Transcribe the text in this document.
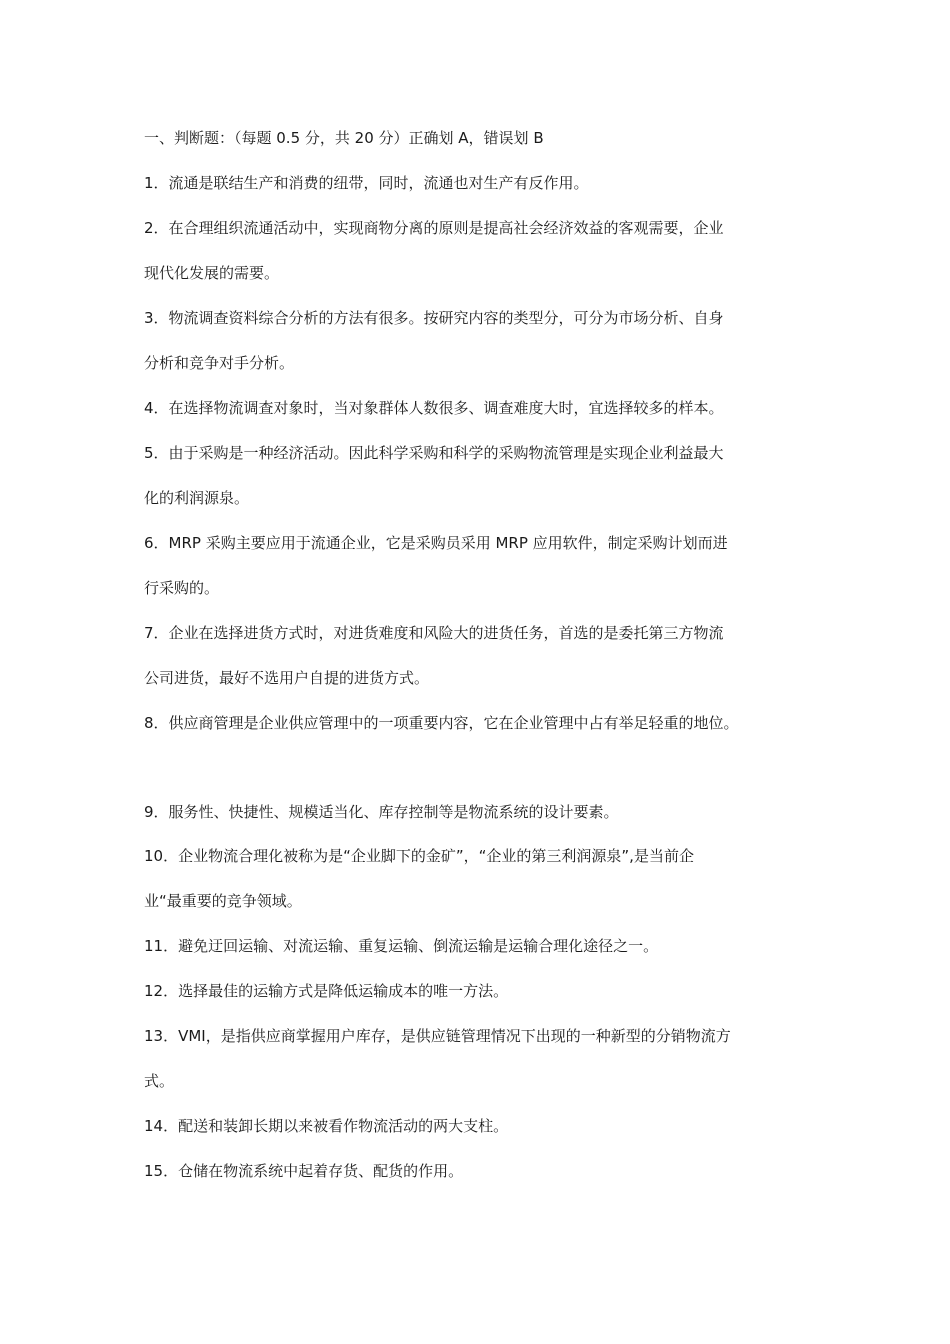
一、判断题：（每题 0.5 分，共 20 分）正确划 A，错误划 B
1．流通是联结生产和消费的纽带，同时，流通也对生产有反作用。
2．在合理组织流通活动中，实现商物分离的原则是提高社会经济效益的客观需要，企业
现代化发展的需要。
3．物流调查资料综合分析的方法有很多。按研究内容的类型分，可分为市场分析、自身
分析和竞争对手分析。
4．在选择物流调查对象时，当对象群体人数很多、调查难度大时，宜选择较多的样本。
5．由于采购是一种经济活动。因此科学采购和科学的采购物流管理是实现企业利益最大
化的利润源泉。
6．MRP 采购主要应用于流通企业，它是采购员采用 MRP 应用软件，制定采购计划而进
行采购的。
7．企业在选择进货方式时，对进货难度和风险大的进货任务，首选的是委托第三方物流
公司进货，最好不选用户自提的进货方式。
8．供应商管理是企业供应管理中的一项重要内容，它在企业管理中占有举足轻重的地位。
9．服务性、快捷性、规模适当化、库存控制等是物流系统的设计要素。
10．企业物流合理化被称为是“企业脚下的金矿”，“企业的第三利润源泉”,是当前企
业“最重要的竞争领域。
11．避免迂回运输、对流运输、重复运输、倒流运输是运输合理化途径之一。
12．选择最佳的运输方式是降低运输成本的唯一方法。
13．VMI，是指供应商掌握用户库存，是供应链管理情况下出现的一种新型的分销物流方
式。
14．配送和装卸长期以来被看作物流活动的两大支柱。
15．仓储在物流系统中起着存货、配货的作用。
